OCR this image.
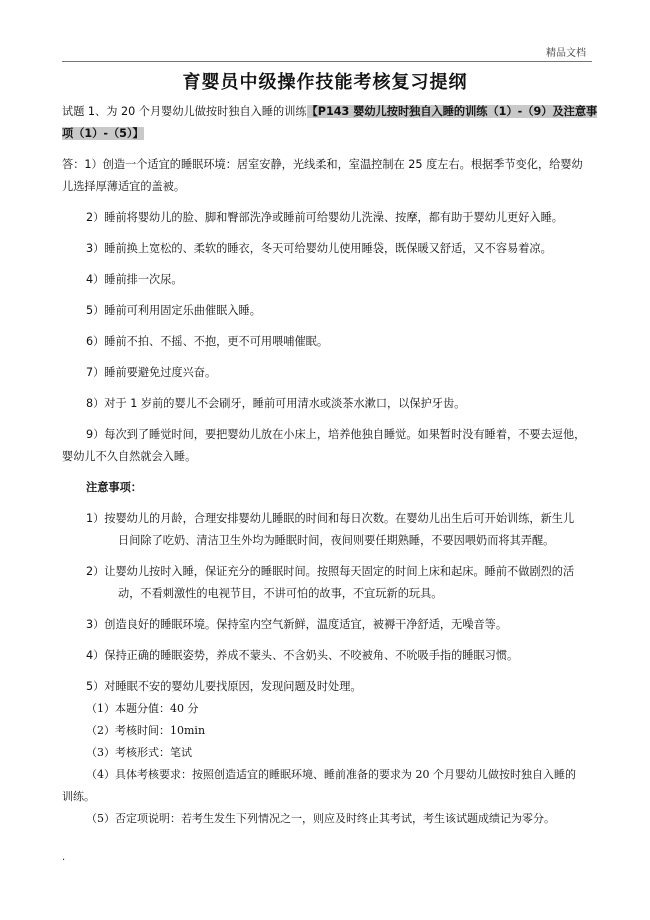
精品文档
育婴员中级操作技能考核复习提纲

试题 1、为 20 个月婴幼儿做按时独自入睡的训练【P143 婴幼儿按时独自入睡的训练（1）-（9）及注意事

项（1）-（5）】

答：1）创造一个适宜的睡眠环境：居室安静，光线柔和，室温控制在 25 度左右。根据季节变化，给婴幼

儿选择厚薄适宜的盖被。

2）睡前将婴幼儿的脸、脚和臀部洗净或睡前可给婴幼儿洗澡、按摩，都有助于婴幼儿更好入睡。

3）睡前换上宽松的、柔软的睡衣，冬天可给婴幼儿使用睡袋，既保暖又舒适，又不容易着凉。

4）睡前排一次尿。

5）睡前可利用固定乐曲催眠入睡。

6）睡前不拍、不摇、不抱，更不可用喂哺催眠。

7）睡前要避免过度兴奋。

8）对于 1 岁前的婴儿不会刷牙，睡前可用清水或淡茶水漱口，以保护牙齿。

9）每次到了睡觉时间，要把婴幼儿放在小床上，培养他独自睡觉。如果暂时没有睡着，不要去逗他，

婴幼儿不久自然就会入睡。

注意事项：

1）按婴幼儿的月龄，合理安排婴幼儿睡眠的时间和每日次数。在婴幼儿出生后可开始训练，新生儿

日间除了吃奶、清洁卫生外均为睡眠时间，夜间则要任期熟睡，不要因喂奶而将其弄醒。

2）让婴幼儿按时入睡，保证充分的睡眠时间。按照每天固定的时间上床和起床。睡前不做剧烈的活

动，不看刺激性的电视节目，不讲可怕的故事，不宜玩新的玩具。

3）创造良好的睡眠环境。保持室内空气新鲜，温度适宜，被褥干净舒适，无噪音等。

4）保持正确的睡眠姿势，养成不蒙头、不含奶头、不咬被角、不吮吸手指的睡眠习惯。

5）对睡眠不安的婴幼儿要找原因，发现问题及时处理。

（1）本题分值：40 分

（2）考核时间：10min

（3）考核形式：笔试

（4）具体考核要求：按照创造适宜的睡眠环境、睡前准备的要求为 20 个月婴幼儿做按时独自入睡的

训练。

（5）否定项说明：若考生发生下列情况之一，则应及时终止其考试，考生该试题成绩记为零分。

.
